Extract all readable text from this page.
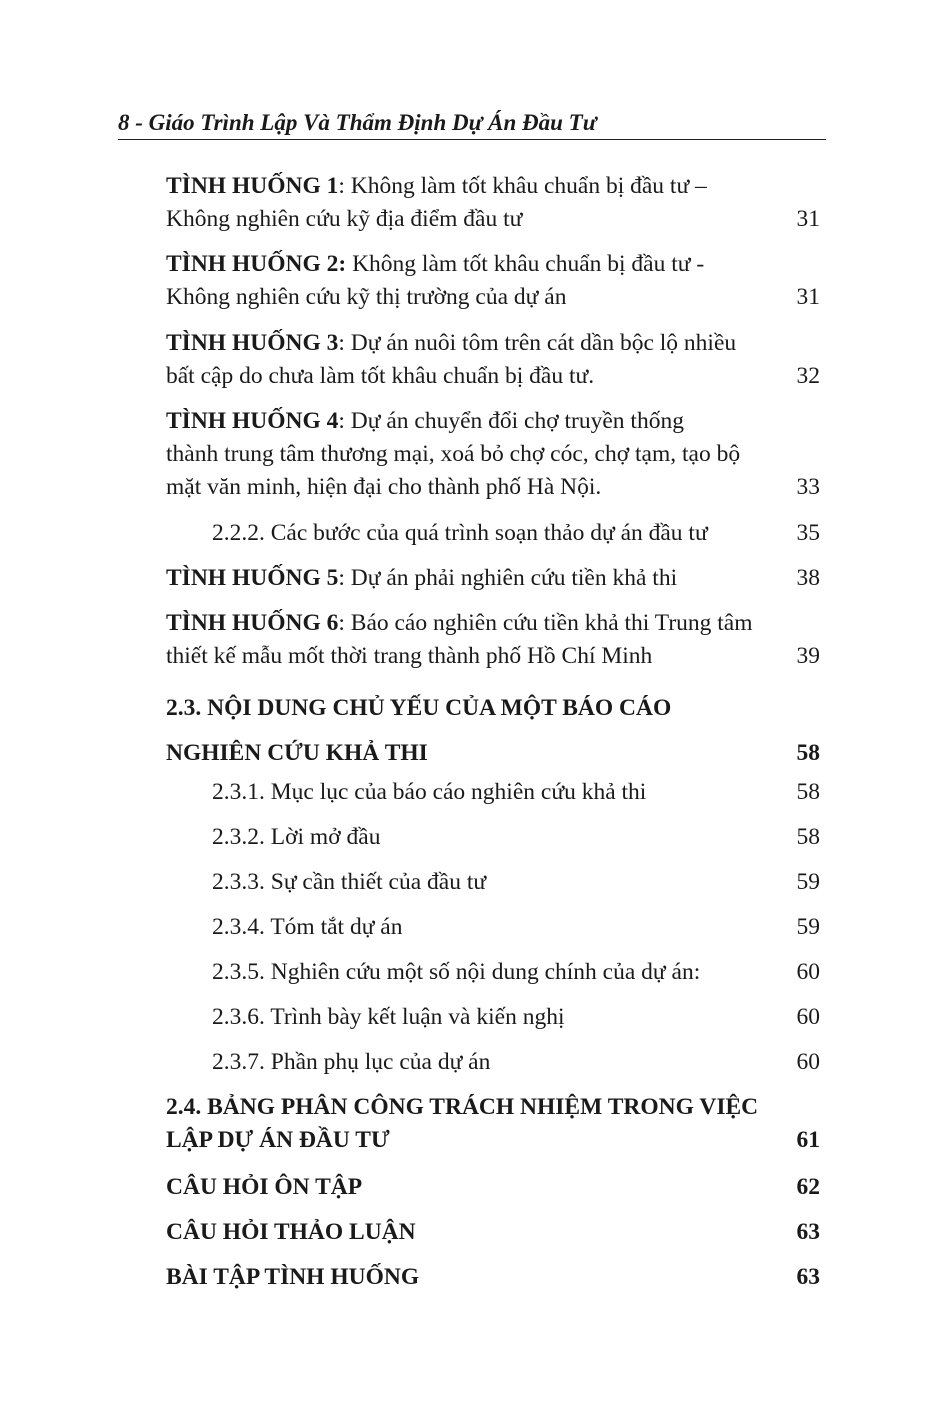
8 - Giáo Trình Lập Và Thẩm Định Dự Án Đầu Tư
TÌNH HUỐNG 1: Không làm tốt khâu chuẩn bị đầu tư –
Không nghiên cứu kỹ địa điểm đầu tư	31
TÌNH HUỐNG 2: Không làm tốt khâu chuẩn bị đầu tư -
Không nghiên cứu kỹ thị trường của dự án	31
TÌNH HUỐNG 3: Dự án nuôi tôm trên cát dần bộc lộ nhiều
bất cập do chưa làm tốt khâu chuẩn bị đầu tư.	32
TÌNH HUỐNG 4: Dự án chuyển đổi chợ truyền thống
thành trung tâm thương mại, xoá bỏ chợ cóc, chợ tạm, tạo bộ
mặt văn minh, hiện đại cho thành phố Hà Nội.	33
2.2.2. Các bước của quá trình soạn thảo dự án đầu tư	35
TÌNH HUỐNG 5: Dự án phải nghiên cứu tiền khả thi	38
TÌNH HUỐNG 6: Báo cáo nghiên cứu tiền khả thi Trung tâm
thiết kế mẫu mốt thời trang thành phố Hồ Chí Minh	39
2.3. NỘI DUNG CHỦ YẾU CỦA MỘT BÁO CÁO
NGHIÊN CỨU KHẢ THI	58
2.3.1. Mục lục của báo cáo nghiên cứu khả thi	58
2.3.2. Lời mở đầu	58
2.3.3. Sự cần thiết của đầu tư	59
2.3.4. Tóm tắt dự án	59
2.3.5. Nghiên cứu một số nội dung chính của dự án:	60
2.3.6. Trình bày kết luận và kiến nghị	60
2.3.7. Phần phụ lục của dự án	60
2.4. BẢNG PHÂN CÔNG TRÁCH NHIỆM TRONG VIỆC
LẬP DỰ ÁN ĐẦU TƯ	61
CÂU HỎI ÔN TẬP	62
CÂU HỎI THẢO LUẬN	63
BÀI TẬP TÌNH HUỐNG	63
